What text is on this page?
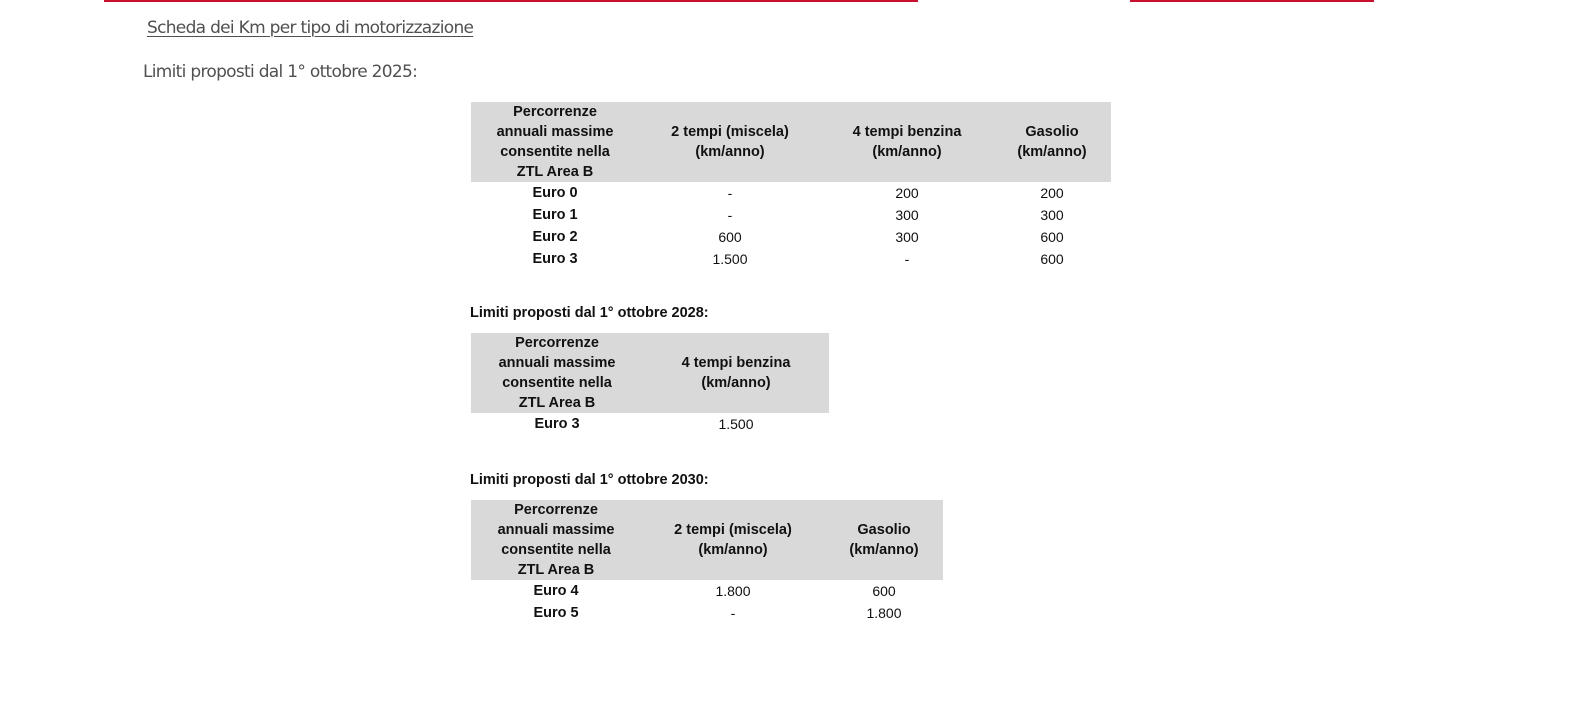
Scheda dei Km per tipo di motorizzazione
Limiti proposti dal 1° ottobre 2025:
Percorrenze annuali massime consentite nella ZTL Area B	2 tempi (miscela) (km/anno)	4 tempi benzina (km/anno)	Gasolio (km/anno)
Euro 0	-	200	200
Euro 1	-	300	300
Euro 2	600	300	600
Euro 3	1.500	-	600
Limiti proposti dal 1° ottobre 2028:
Percorrenze annuali massime consentite nella ZTL Area B	4 tempi benzina (km/anno)
Euro 3	1.500
Limiti proposti dal 1° ottobre 2030:
Percorrenze annuali massime consentite nella ZTL Area B	2 tempi (miscela) (km/anno)	Gasolio (km/anno)
Euro 4	1.800	600
Euro 5	-	1.800
